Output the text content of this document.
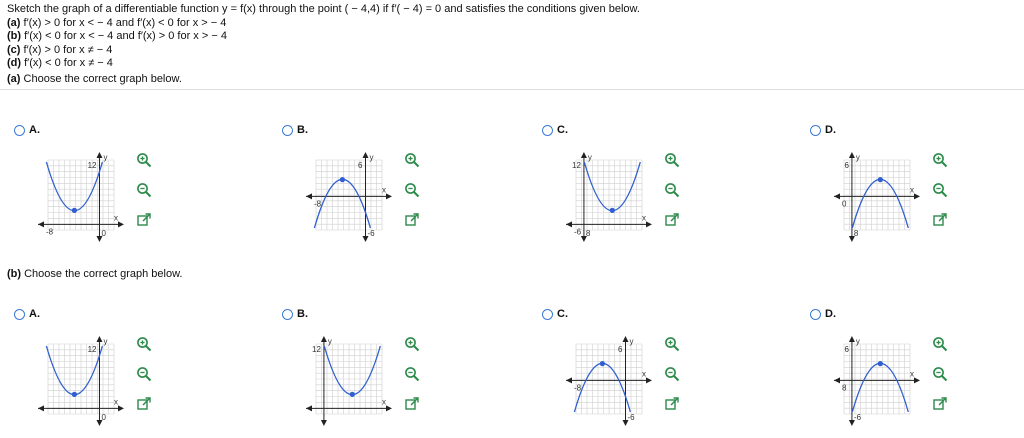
Sketch the graph of a differentiable function y = f(x) through the point ( − 4,4) if f′( − 4) = 0 and satisfies the conditions given below.
(a) f′(x) > 0 for x < − 4 and f′(x) < 0 for x > − 4
(b) f′(x) < 0 for x < − 4 and f′(x) > 0 for x > − 4
(c) f′(x) > 0 for x ≠ − 4
(d) f′(x) < 0 for x ≠ − 4
(a) Choose the correct graph below.
(b) Choose the correct graph below.
A.
y
x
12
-8	0
B.
y
x
6
-8
-6
C.
y
x
12
-6 8
D.
y
x
6
0
8
A.
y
x
12
0
B.
y
x
12
C.
y
x
6
-8
-6
D.
y
x
6
8
-6
